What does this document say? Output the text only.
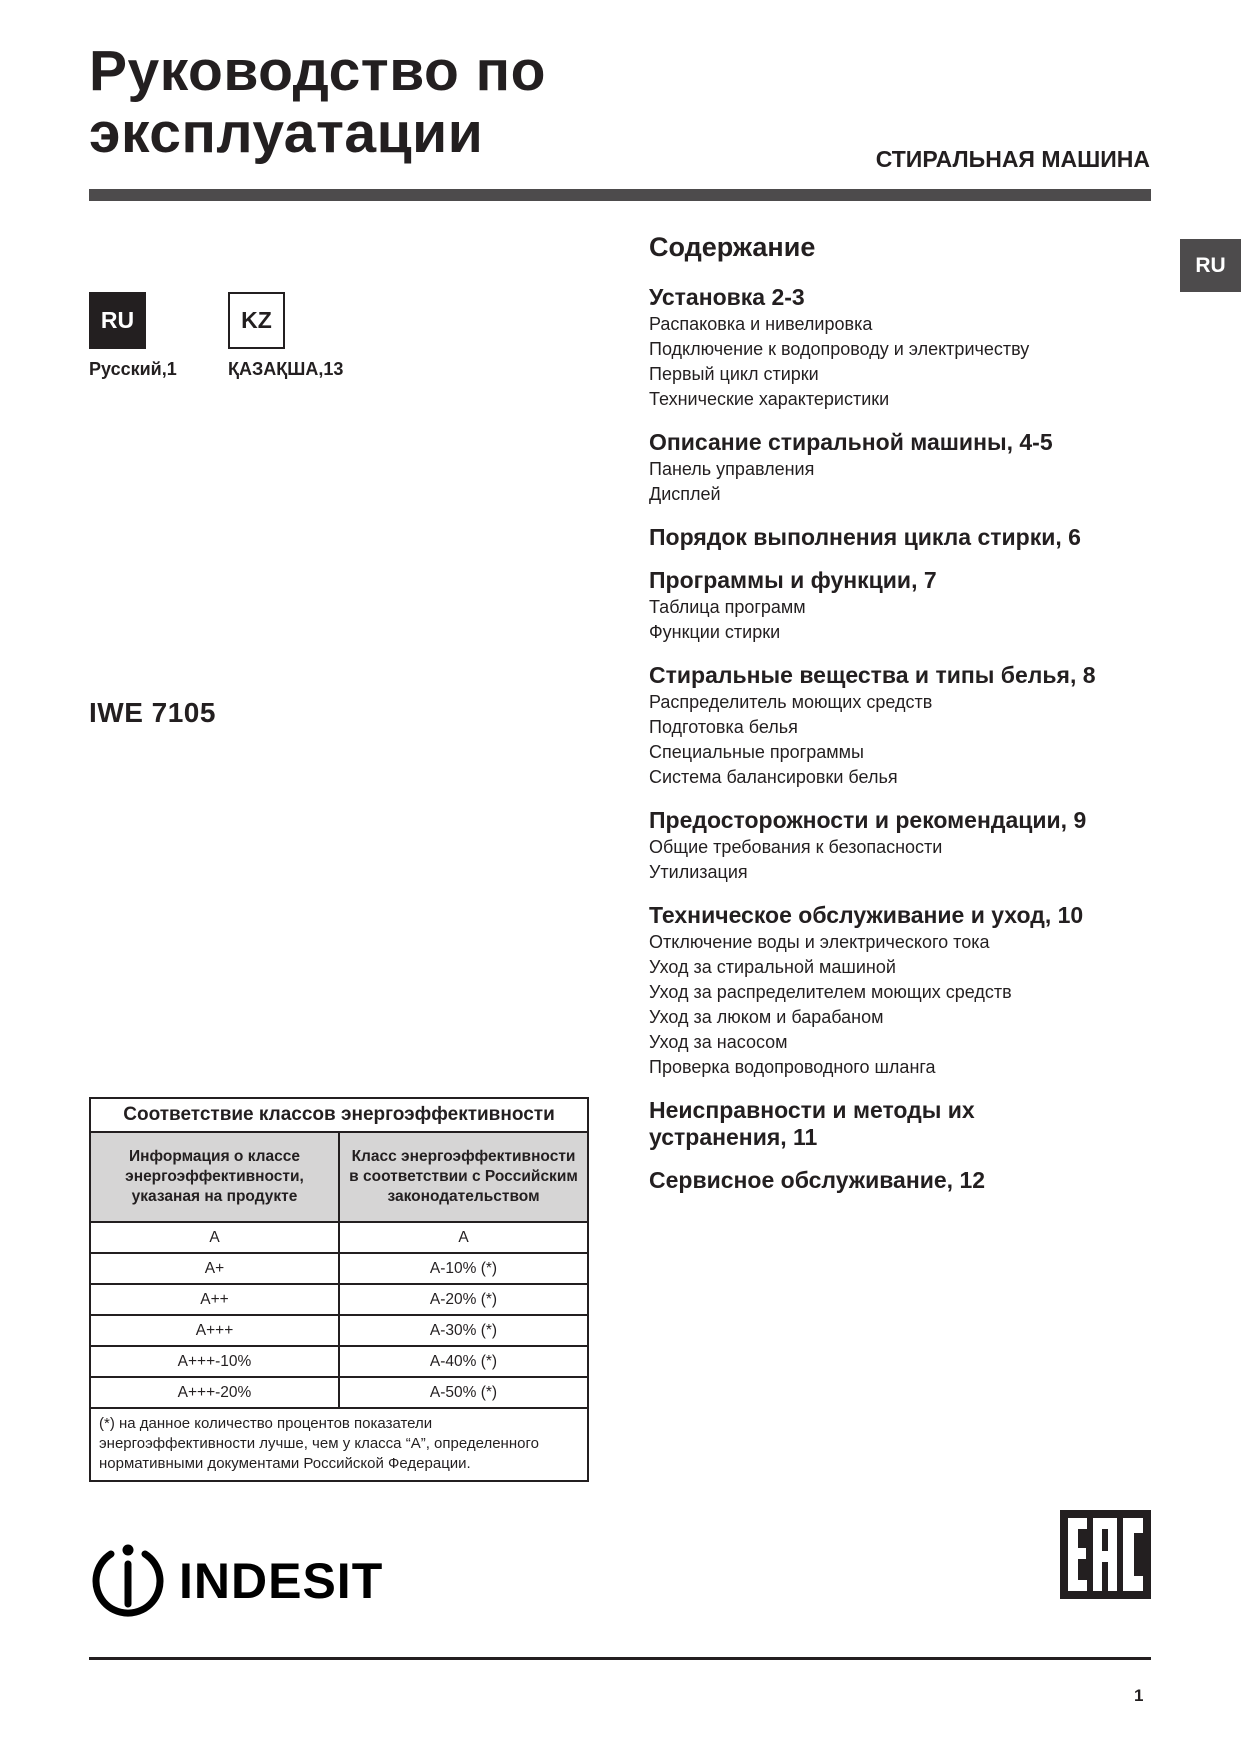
Руководство по
эксплуатации	СТИРАЛЬНАЯ МАШИНА
RU
RU
Русский,1
KZ
ҚАЗАҚША,13
IWE 7105
Содержание
Установка 2-3
Распаковка и нивелировка
Подключение к водопроводу и электричеству
Первый цикл стирки
Технические характеристики
Описание стиральной машины, 4-5
Панель управления
Дисплей
Порядок выполнения цикла стирки, 6
Программы и функции, 7
Таблица программ
Функции стирки
Стиральные вещества и типы белья, 8
Распределитель моющих средств
Подготовка белья
Специальные программы
Система балансировки белья
Предосторожности и рекомендации, 9
Общие требования к безопасности
Утилизация
Техническое обслуживание и уход, 10
Отключение воды и электрического тока
Уход за стиральной машиной
Уход за распределителем моющих средств
Уход за люком и барабаном
Уход за насосом
Проверка водопроводного шланга
Неисправности и методы их
устранения, 11
Сервисное обслуживание, 12
Соответствие классов энергоэффективности	
Информация о классе энергоэффективности, указаная на продукте	Класс энергоэффективности в соответствии с Российским законодательством
A	A
A+	A-10% (*)
A++	A-20% (*)
A+++	A-30% (*)
A+++-10%	A-40% (*)
A+++-20%	A-50% (*)
(*) на данное количество процентов показатели энергоэффективности лучше, чем у класса “A”, определенного нормативными документами Российской Федерации.	
INDESIT
1
